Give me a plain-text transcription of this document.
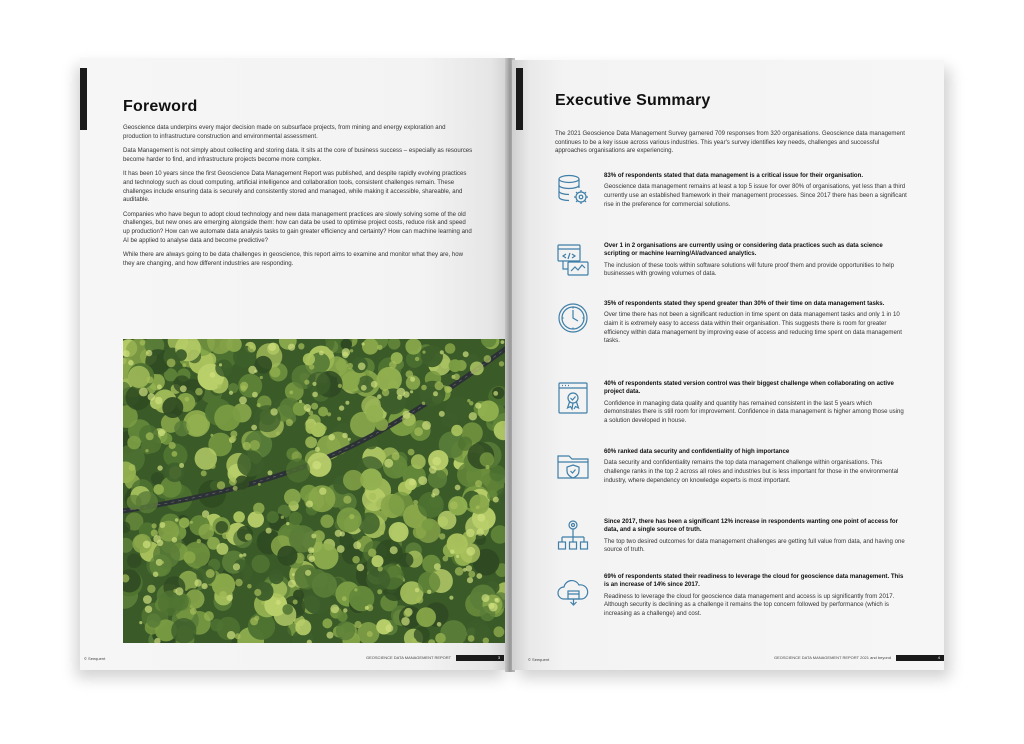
Foreword

Geoscience data underpins every major decision made on subsurface projects, from mining and energy exploration and production to infrastructure construction and environmental assessment.

Data Management is not simply about collecting and storing data. It sits at the core of business success – especially as resources become harder to find, and infrastructure projects become more complex.

It has been 10 years since the first Geoscience Data Management Report was published, and despite rapidly evolving practices and technology such as cloud computing, artificial intelligence and collaboration tools, consistent challenges remain. These challenges include ensuring data is securely and consistently stored and managed, while making it accessible, shareable, and auditable.

Companies who have begun to adopt cloud technology and new data management practices are slowly solving some of the old challenges, but new ones are emerging alongside them: how can data be used to optimise project costs, reduce risk and speed up production? How can we automate data analysis tasks to gain greater efficiency and certainty? How can machine learning and AI be applied to analyse data and become predictive?

While there are always going to be data challenges in geoscience, this report aims to examine and monitor what they are, how they are changing, and how different industries are responding.

© Seequent	GEOSCIENCE DATA MANAGEMENT REPORT	3
Executive Summary
The 2021 Geoscience Data Management Survey garnered 709 responses from 320 organisations. Geoscience data management continues to be a key issue across various industries. This year's survey identifies key needs, challenges and successful approaches organisations are experiencing.
83% of respondents stated that data management is a critical issue for their organisation.
Geoscience data management remains at least a top 5 issue for over 80% of organisations, yet less than a third currently use an established framework in their management processes. Since 2017 there has been a significant rise in the preference for commercial solutions.
Over 1 in 2 organisations are currently using or considering data practices such as data science scripting or machine learning/AI/advanced analytics.
The inclusion of these tools within software solutions will future proof them and provide opportunities to help businesses with growing volumes of data.
35% of respondents stated they spend greater than 30% of their time on data management tasks.
Over time there has not been a significant reduction in time spent on data management tasks and only 1 in 10 claim it is extremely easy to access data within their organisation. This suggests there is room for greater efficiency within data management by improving ease of access and reducing time spent on data management tasks.
40% of respondents stated version control was their biggest challenge when collaborating on active project data.
Confidence in managing data quality and quantity has remained consistent in the last 5 years which demonstrates there is still room for improvement. Confidence in data management is higher among those using a solution developed in house.
60% ranked data security and confidentiality of high importance
Data security and confidentiality remains the top data management challenge within organisations. This challenge ranks in the top 2 across all roles and industries but is less important for those in the environmental industry, where dependency on knowledge experts is most important.
Since 2017, there has been a significant 12% increase in respondents wanting one point of access for data, and a single source of truth.
The top two desired outcomes for data management challenges are getting full value from data, and having one source of truth.
69% of respondents stated their readiness to leverage the cloud for geoscience data management. This is an increase of 14% since 2017.
Readiness to leverage the cloud for geoscience data management and access is up significantly from 2017. Although security is declining as a challenge it remains the top concern followed by performance (which is increasing as a challenge) and cost.
© Seequent	GEOSCIENCE DATA MANAGEMENT REPORT 2021 and beyond	4
